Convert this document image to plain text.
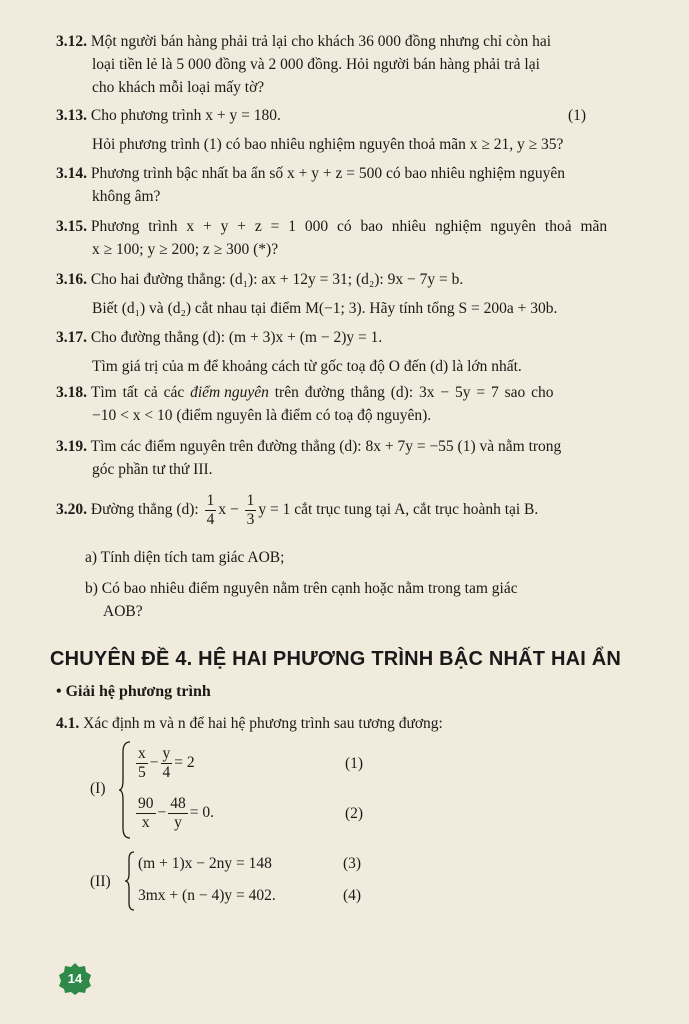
3.12. Một người bán hàng phải trả lại cho khách 36 000 đồng nhưng chỉ còn hai
loại tiền lẻ là 5 000 đồng và 2 000 đồng. Hỏi người bán hàng phải trả lại
cho khách mỗi loại mấy tờ?
3.13. Cho phương trình x + y = 180.	(1)
Hỏi phương trình (1) có bao nhiêu nghiệm nguyên thoả mãn x ≥ 21, y ≥ 35?
3.14. Phương trình bậc nhất ba ẩn số x + y + z = 500 có bao nhiêu nghiệm nguyên
không âm?
3.15. Phương trình x + y + z = 1 000 có bao nhiêu nghiệm nguyên thoả mãn
x ≥ 100; y ≥ 200; z ≥ 300 (*)?
3.16. Cho hai đường thẳng: (d₁): ax + 12y = 31; (d₂): 9x − 7y = b.
Biết (d₁) và (d₂) cắt nhau tại điểm M(−1; 3). Hãy tính tổng S = 200a + 30b.
3.17. Cho đường thẳng (d): (m + 3)x + (m − 2)y = 1.
Tìm giá trị của m để khoảng cách từ gốc toạ độ O đến (d) là lớn nhất.
3.18. Tìm tất cả các điểm nguyên trên đường thẳng (d): 3x − 5y = 7 sao cho
−10 < x < 10 (điểm nguyên là điểm có toạ độ nguyên).
3.19. Tìm các điểm nguyên trên đường thẳng (d): 8x + 7y = −55 (1) và nằm trong
góc phần tư thứ III.
3.20. Đường thẳng (d): $\frac{1}{4}$ $x - \frac{1}{3}$ y = 1 cắt trục tung tại A, cắt trục hoành tại B.
a) Tính diện tích tam giác AOB;
b) Có bao nhiêu điểm nguyên nằm trên cạnh hoặc nằm trong tam giác
AOB?
CHUYÊN ĐỀ 4. HỆ HAI PHƯƠNG TRÌNH BẬC NHẤT HAI ẨN
• Giải hệ phương trình
4.1. Xác định m và n để hai hệ phương trình sau tương đương:
(I)
$\frac{x}{5} - \frac{y}{4} = 2$	(1)
$\frac{90}{x} - \frac{48}{y} = 0$.	(2)
(II)
(m + 1)x − 2ny = 148	(3)
3mx + (n − 4)y = 402.	(4)
14
